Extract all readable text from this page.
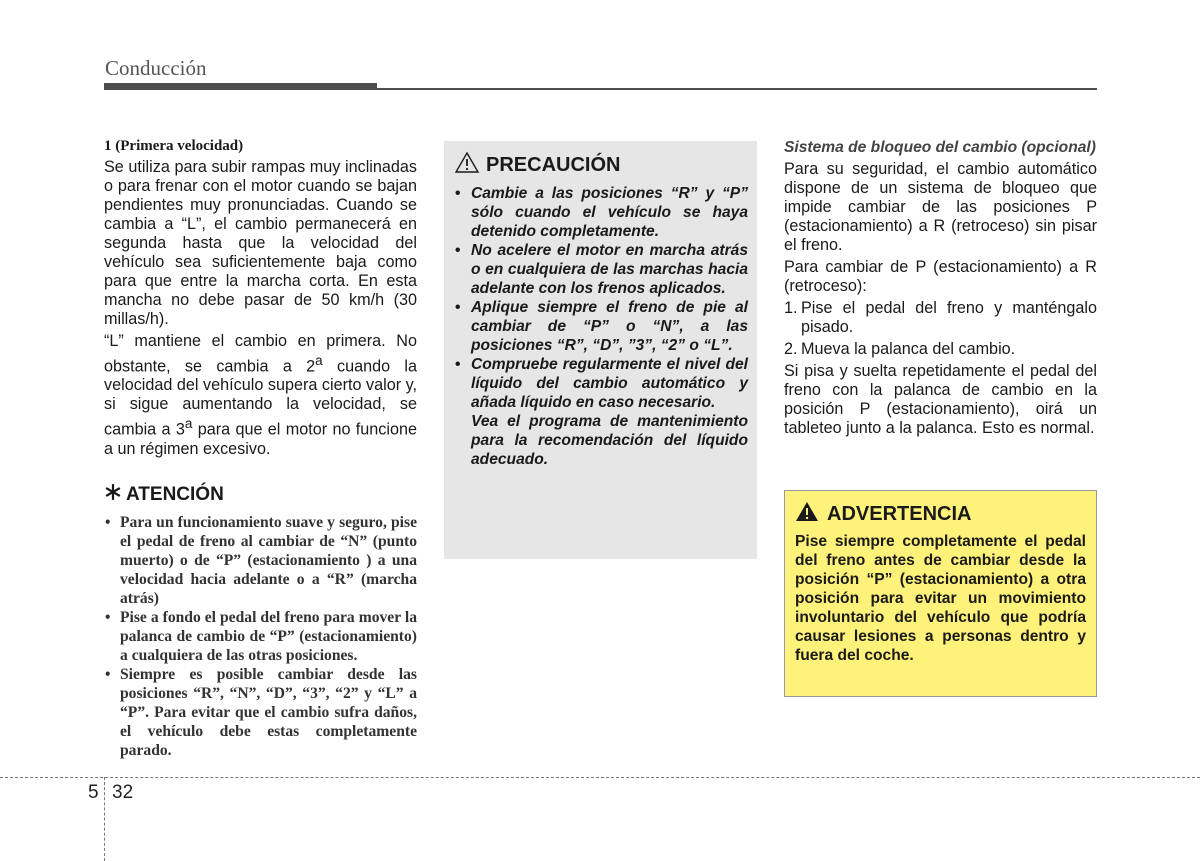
Conducción

1 (Primera velocidad)

Se utiliza para subir rampas muy inclinadas o para frenar con el motor cuando se bajan pendientes muy pronunciadas. Cuando se cambia a “L”, el cambio permanecerá en segunda hasta que la velocidad del vehículo sea suficientemente baja como para que entre la marcha corta. En esta mancha no debe pasar de 50 km/h (30 millas/h).

“L” mantiene el cambio en primera. No obstante, se cambia a 2$^a$ cuando la velocidad del vehículo supera cierto valor y, si sigue aumentando la velocidad, se cambia a 3$^a$ para que el motor no funcione a un régimen excesivo.

ATENCIÓN
• Para un funcionamiento suave y seguro, pise el pedal de freno al cambiar de “N” (punto muerto) o de “P” (estacionamiento ) a una velocidad hacia adelante o a “R” (marcha atrás)
• Pise a fondo el pedal del freno para mover la palanca de cambio de “P” (estacionamiento) a cualquiera de las otras posiciones.
• Siempre es posible cambiar desde las posiciones “R”, “N”, “D”, “3”, “2” y “L” a “P”. Para evitar que el cambio sufra daños, el vehículo debe estas completamente parado.
PRECAUCIÓN
• Cambie a las posiciones “R” y “P” sólo cuando el vehículo se haya detenido completamente.
• No acelere el motor en marcha atrás o en cualquiera de las marchas hacia adelante con los frenos aplicados.
• Aplique siempre el freno de pie al cambiar de “P” o “N”, a las posiciones “R”, “D”, ”3”, “2” o “L”.
• Compruebe regularmente el nivel del líquido del cambio automático y añada líquido en caso necesario.
Vea el programa de mantenimiento para la recomendación del líquido adecuado.

Sistema de bloqueo del cambio (opcional)

Para su seguridad, el cambio automático dispone de un sistema de bloqueo que impide cambiar de las posiciones P (estacionamiento) a R (retroceso) sin pisar el freno.

Para cambiar de P (estacionamiento) a R (retroceso):

1. Pise el pedal del freno y manténgalo pisado.
2. Mueva la palanca del cambio.

Si pisa y suelta repetidamente el pedal del freno con la palanca de cambio en la posición P (estacionamiento), oirá un tableteo junto a la palanca. Esto es normal.

ADVERTENCIA

Pise siempre completamente el pedal del freno antes de cambiar desde la posición “P” (estacionamiento) a otra posición para evitar un movimiento involuntario del vehículo que podría causar lesiones a personas dentro y fuera del coche.

5 32
